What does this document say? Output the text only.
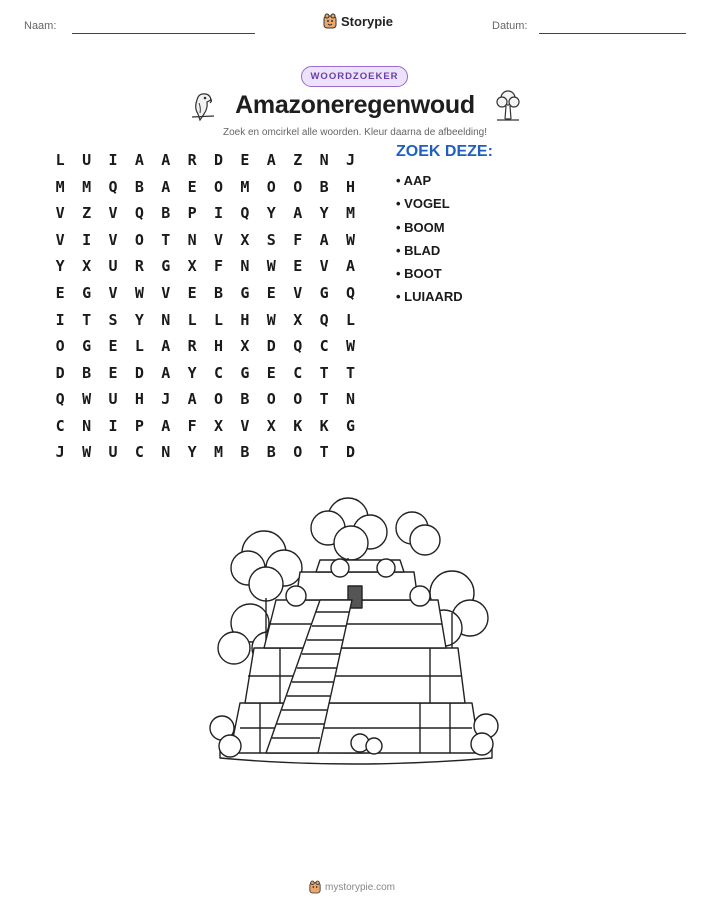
Naam:	Storypie	Datum:
WOORDZOEKER
Amazoneregenwoud
Zoek en omcirkel alle woorden. Kleur daarna de afbeelding!
L	U	I	A	A	R	D	E	A	Z	N	J
M	M	Q	B	A	E	O	M	O	O	B	H
V	Z	V	Q	B	P	I	Q	Y	A	Y	M
V	I	V	O	T	N	V	X	S	F	A	W
Y	X	U	R	G	X	F	N	W	E	V	A
E	G	V	W	V	E	B	G	E	V	G	Q
I	T	S	Y	N	L	L	H	W	X	Q	L
O	G	E	L	A	R	H	X	D	Q	C	W
D	B	E	D	A	Y	C	G	E	C	T	T
Q	W	U	H	J	A	O	B	O	O	T	N
C	N	I	P	A	F	X	V	X	K	K	G
J	W	U	C	N	Y	M	B	B	O	T	D
ZOEK DEZE:
• AAP
• VOGEL
• BOOM
• BLAD
• BOOT
• LUIAARD
mystorypie.com
